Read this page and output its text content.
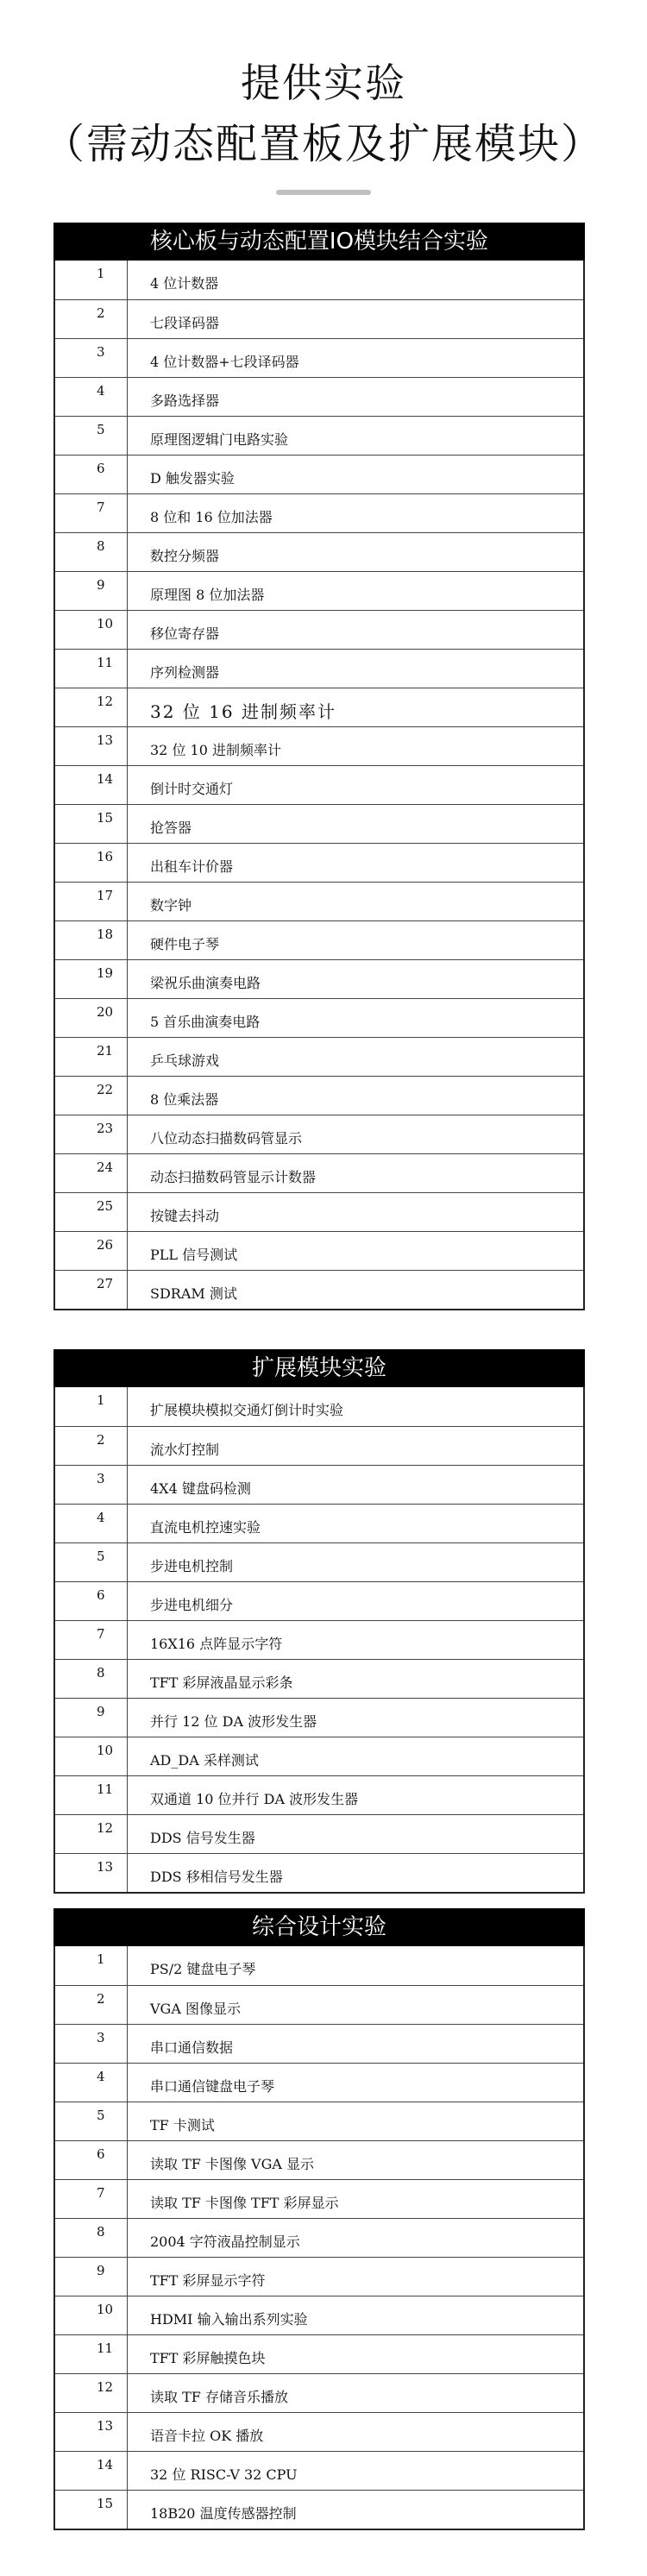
提供实验
（需动态配置板及扩展模块）
核心板与动态配置IO模块结合实验
1
4 位计数器
2
七段译码器
3
4 位计数器+七段译码器
4
多路选择器
5
原理图逻辑门电路实验
6
D 触发器实验
7
8 位和 16 位加法器
8
数控分频器
9
原理图 8 位加法器
10
移位寄存器
11
序列检测器
12	32 位 16 进制频率计
13
32 位 10 进制频率计
14
倒计时交通灯
15
抢答器
16
出租车计价器
17
数字钟
18
硬件电子琴
19
梁祝乐曲演奏电路
20
5 首乐曲演奏电路
21
乒乓球游戏
22
8 位乘法器
23
八位动态扫描数码管显示
24
动态扫描数码管显示计数器
25
按键去抖动
26
PLL 信号测试
27
SDRAM 测试
扩展模块实验
1
扩展模块模拟交通灯倒计时实验
2
流水灯控制
3
4X4 键盘码检测
4
直流电机控速实验
5
步进电机控制
6
步进电机细分
7
16X16 点阵显示字符
8
TFT 彩屏液晶显示彩条
9
并行 12 位 DA 波形发生器
10
AD_DA 采样测试
11
双通道 10 位并行 DA 波形发生器
12
DDS 信号发生器
13
DDS 移相信号发生器
综合设计实验
1
PS/2 键盘电子琴
2
VGA 图像显示
3
串口通信数据
4
串口通信键盘电子琴
5
TF 卡测试
6
读取 TF 卡图像 VGA 显示
7
读取 TF 卡图像 TFT 彩屏显示
8
2004 字符液晶控制显示
9
TFT 彩屏显示字符
10
HDMI 输入输出系列实验
11
TFT 彩屏触摸色块
12
读取 TF 存储音乐播放
13
语音卡拉 OK 播放
14
32 位 RISC-V 32 CPU
15
18B20 温度传感器控制
